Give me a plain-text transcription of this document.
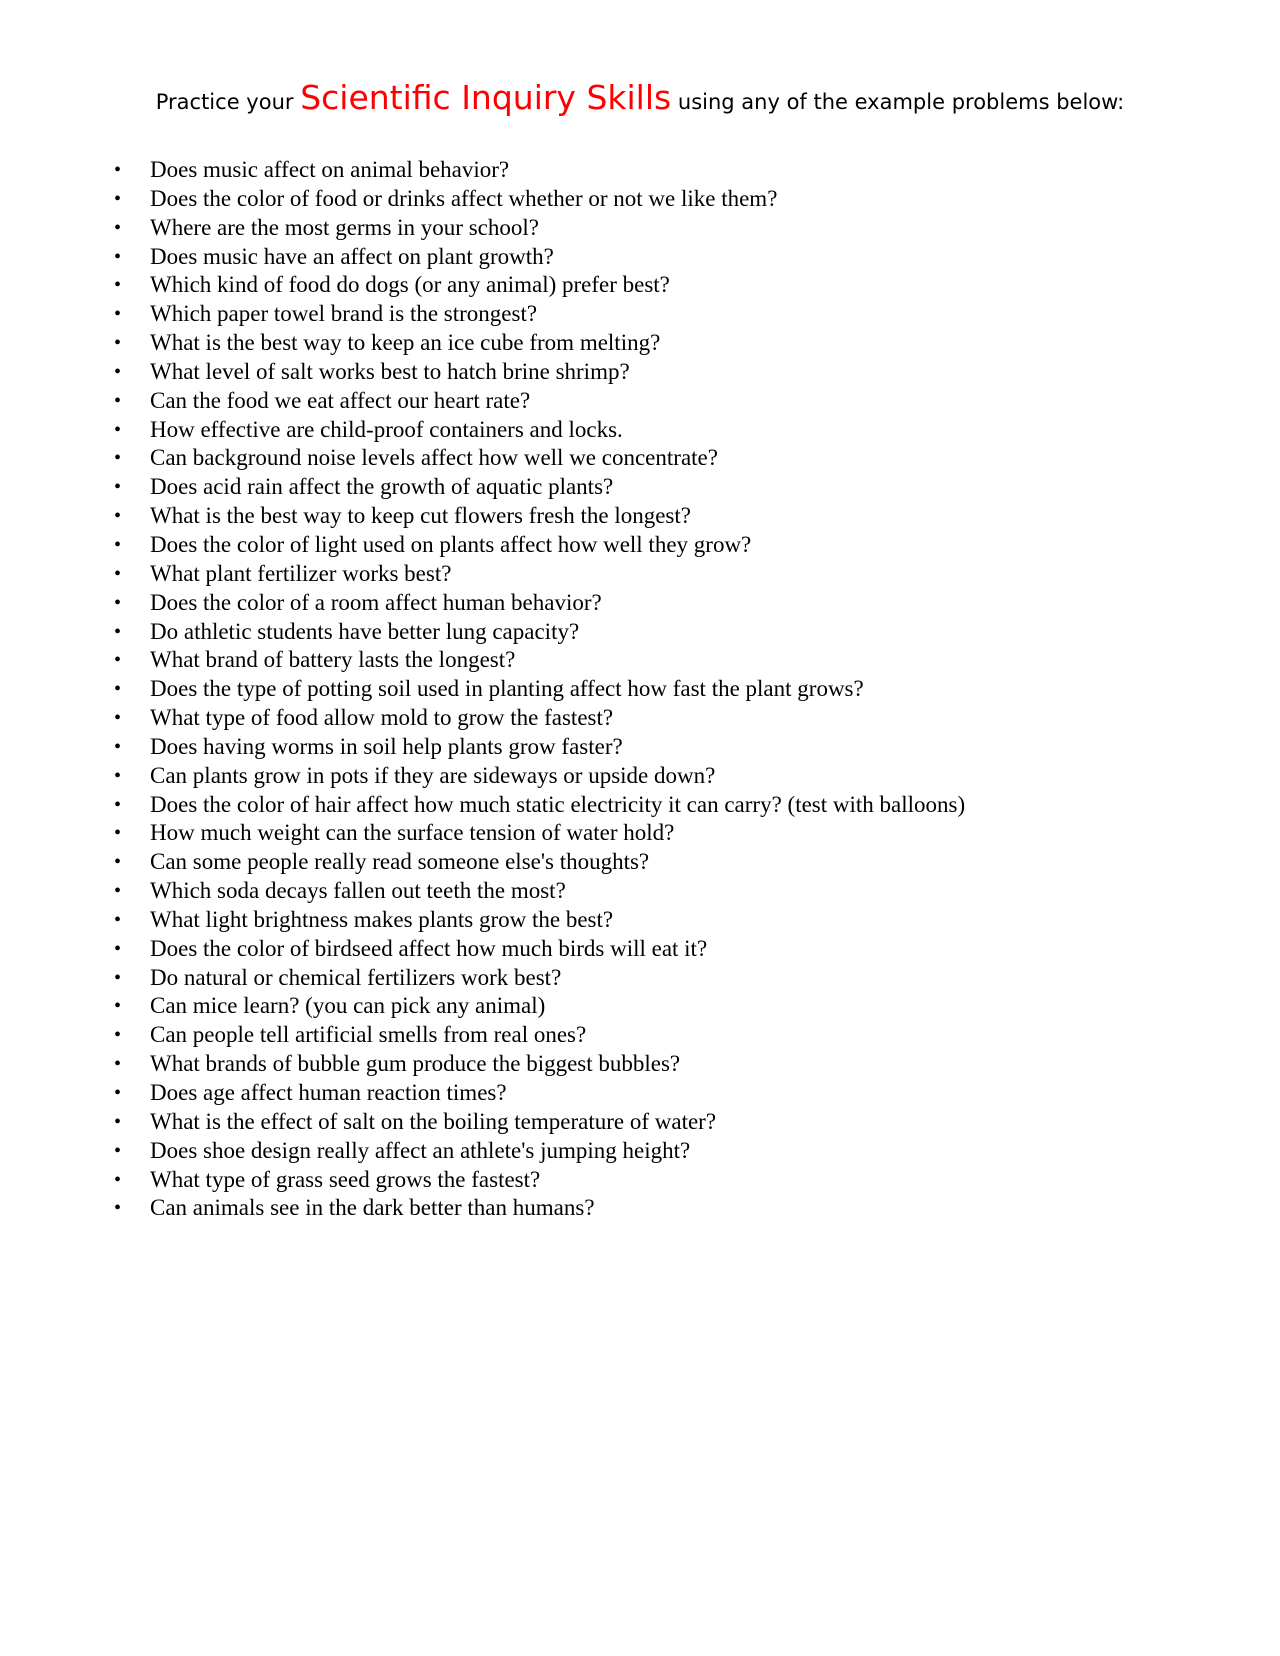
Practice your Scientific Inquiry Skills using any of the example problems below:
• Does music affect on animal behavior?
• Does the color of food or drinks affect whether or not we like them?
• Where are the most germs in your school?
• Does music have an affect on plant growth?
• Which kind of food do dogs (or any animal) prefer best?
• Which paper towel brand is the strongest?
• What is the best way to keep an ice cube from melting?
• What level of salt works best to hatch brine shrimp?
• Can the food we eat affect our heart rate?
• How effective are child-proof containers and locks.
• Can background noise levels affect how well we concentrate?
• Does acid rain affect the growth of aquatic plants?
• What is the best way to keep cut flowers fresh the longest?
• Does the color of light used on plants affect how well they grow?
• What plant fertilizer works best?
• Does the color of a room affect human behavior?
• Do athletic students have better lung capacity?
• What brand of battery lasts the longest?
• Does the type of potting soil used in planting affect how fast the plant grows?
• What type of food allow mold to grow the fastest?
• Does having worms in soil help plants grow faster?
• Can plants grow in pots if they are sideways or upside down?
• Does the color of hair affect how much static electricity it can carry? (test with balloons)
• How much weight can the surface tension of water hold?
• Can some people really read someone else's thoughts?
• Which soda decays fallen out teeth the most?
• What light brightness makes plants grow the best?
• Does the color of birdseed affect how much birds will eat it?
• Do natural or chemical fertilizers work best?
• Can mice learn? (you can pick any animal)
• Can people tell artificial smells from real ones?
• What brands of bubble gum produce the biggest bubbles?
• Does age affect human reaction times?
• What is the effect of salt on the boiling temperature of water?
• Does shoe design really affect an athlete's jumping height?
• What type of grass seed grows the fastest?
• Can animals see in the dark better than humans?
